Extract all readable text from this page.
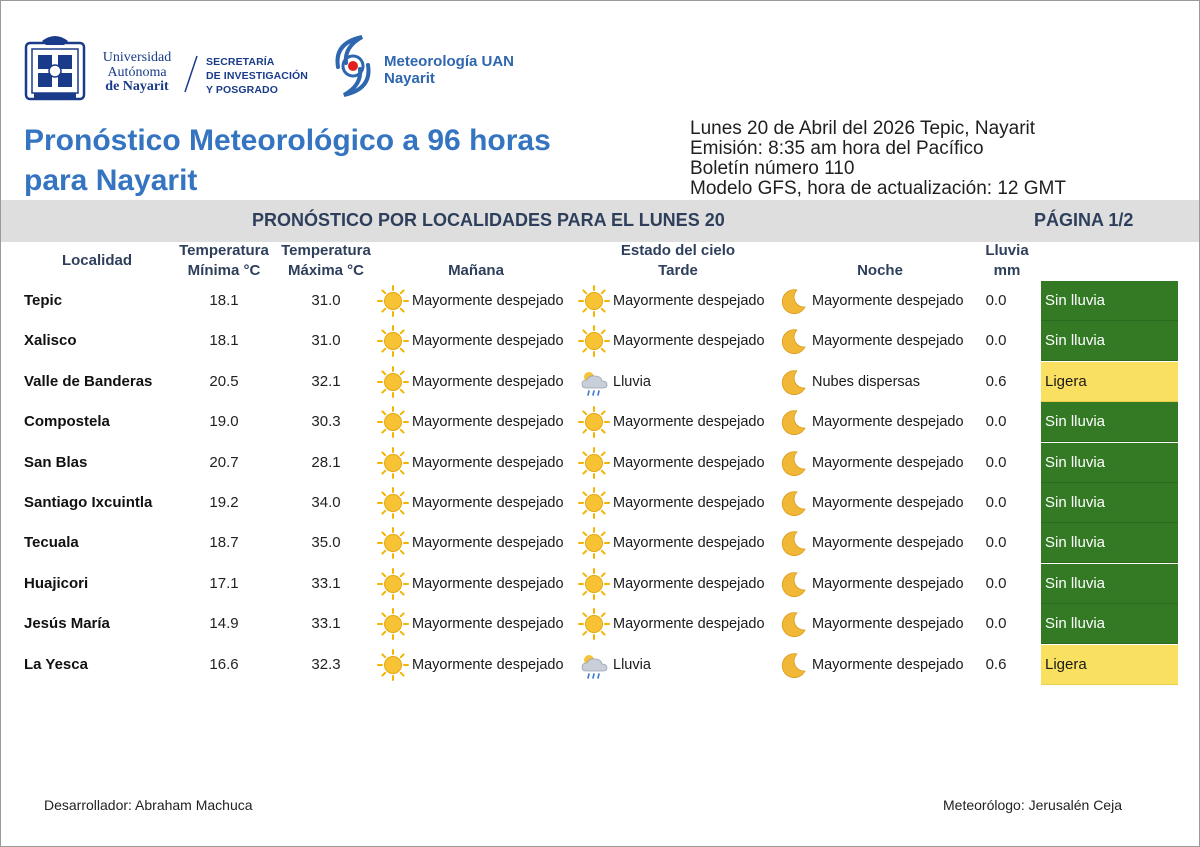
Universidad
Autónoma
de Nayarit
SECRETARÍA
DE INVESTIGACIÓN
Y POSGRADO
Meteorología UAN
Nayarit
Pronóstico Meteorológico a 96 horas
para Nayarit
Lunes 20 de Abril del 2026 Tepic, Nayarit
Emisión: 8:35 am hora del Pacífico
Boletín número 110
Modelo GFS, hora de actualización: 12 GMT
PRONÓSTICO POR LOCALIDADES PARA EL LUNES 20	PÁGINA 1/2
Localidad
Temperatura
Mínima °C
Temperatura
Máxima °C	Mañana
Estado del cielo
Tarde	Noche
Lluvia
mm
Tepic	18.1	31.0	Mayormente despejado	Mayormente despejado	Mayormente despejado	0.0	Sin lluvia
Xalisco	18.1	31.0	Mayormente despejado	Mayormente despejado	Mayormente despejado	0.0	Sin lluvia
Valle de Banderas	20.5	32.1	Mayormente despejado	Lluvia	Nubes dispersas	0.6	Ligera
Compostela	19.0	30.3	Mayormente despejado	Mayormente despejado	Mayormente despejado	0.0	Sin lluvia
San Blas	20.7	28.1	Mayormente despejado	Mayormente despejado	Mayormente despejado	0.0	Sin lluvia
Santiago Ixcuintla	19.2	34.0	Mayormente despejado	Mayormente despejado	Mayormente despejado	0.0	Sin lluvia
Tecuala	18.7	35.0	Mayormente despejado	Mayormente despejado	Mayormente despejado	0.0	Sin lluvia
Huajicori	17.1	33.1	Mayormente despejado	Mayormente despejado	Mayormente despejado	0.0	Sin lluvia
Jesús María	14.9	33.1	Mayormente despejado	Mayormente despejado	Mayormente despejado	0.0	Sin lluvia
La Yesca	16.6	32.3	Mayormente despejado	Lluvia	Mayormente despejado	0.6	Ligera
Desarrollador: Abraham Machuca	Meteorólogo: Jerusalén Ceja
